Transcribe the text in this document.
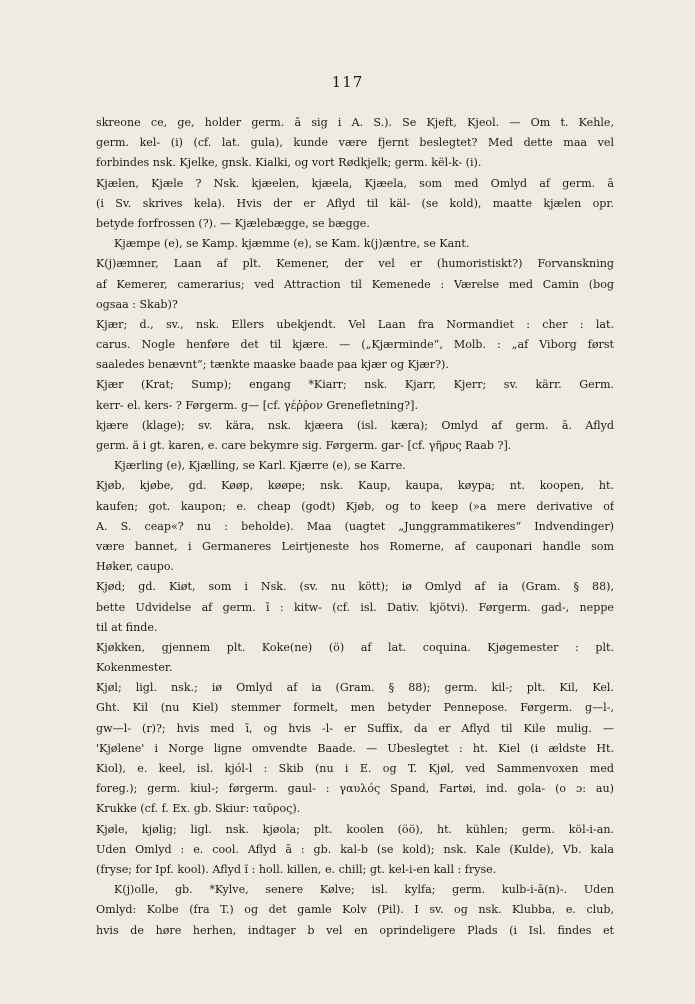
117
skreone ce, ge, holder germ. ā sig i A. S.). Se Kjeft, Kjeol. — Om t. Kehle,
germ. kel- (i) (cf. lat. gula), kunde være fjernt beslegtet? Med dette maa vel
forbindes nsk. Kjelke, gnsk. Kialki, og vort Rødkjelk; germ. kël-k- (i).
Kjælen, Kjæle ? Nsk. kjæelen, kjæela, Kjæela, som med Omlyd af germ. ā
(i Sv. skrives kela). Hvis der er Aflyd til käl- (se kold), maatte kjælen opr.
betyde forfrossen (?). — Kjælebægge, se bægge.
Kjæmpe (e), se Kamp. kjæmme (e), se Kam. k(j)æntre, se Kant.
K(j)æmner, Laan af plt. Kemener, der vel er (humoristiskt?) Forvanskning
af Kemerer, camerarius; ved Attraction til Kemenede : Værelse med Camin (bog
ogsaa : Skab)?
Kjær; d., sv., nsk. Ellers ubekjendt. Vel Laan fra Normandiet : cher : lat.
carus. Nogle henføre det til kjære. — („Kjærminde“, Molb. : „af Viborg først
saaledes benævnt“; tænkte maaske baade paa kjær og Kjær?).
Kjær (Krat; Sump); engang *Kiarr; nsk. Kjarr, Kjerr; sv. kärr. Germ.
kerr- el. kers- ? Førgerm. g— [cf. γέῤῥον Grenefletning?].
kjære (klage); sv. kära, nsk. kjæera (isl. kæra); Omlyd af germ. ā. Aflyd
germ. ă i gt. karen, e. care bekymre sig. Førgerm. gar- [cf. γῆρυς Raab ?].
Kjærling (e), Kjælling, se Karl. Kjærre (e), se Karre.
Kjøb, kjøbe, gd. Køøp, køøpe; nsk. Kaup, kaupa, køypa; nt. koopen, ht.
kaufen; got. kaupon; e. cheap (godt) Kjøb, og to keep (»a mere derivative of
A. S. ceap«? nu : beholde). Maa (uagtet „Junggrammatikeres“ Indvendinger)
være bannet, i Germaneres Leirtjeneste hos Romerne, af cauponari handle som
Høker, caupo.
Kjød; gd. Kiøt, som i Nsk. (sv. nu kött); iø Omlyd af ia (Gram. § 88),
bette Udvidelse af germ. ī : kitw- (cf. isl. Dativ. kjötvi). Førgerm. gad-, neppe
til at finde.
Kjøkken, gjennem plt. Koke(ne) (ö) af lat. coquina. Kjøgemester : plt.
Kokenmester.
Kjøl; ligl. nsk.; iø Omlyd af ia (Gram. § 88); germ. kil-; plt. Kil, Kel.
Ght. Kil (nu Kiel) stemmer formelt, men betyder Pennepose. Førgerm. g—l-,
gw—l- (r)?; hvis med ī, og hvis -l- er Suffix, da er Aflyd til Kile mulig. —
'Kjølene' i Norge ligne omvendte Baade. — Ubeslegtet : ht. Kiel (i ældste Ht.
Kiol), e. keel, isl. kjól-l : Skib (nu i E. og T. Kjøl, ved Sammenvoxen med
foreg.); germ. kiul-; førgerm. gaul- : γαυλός Spand, Fartøi, ind. gola- (o ɔ: au)
Krukke (cf. f. Ex. gb. Skiur: ταῦρος).
Kjøle, kjølig; ligl. nsk. kjøola; plt. koolen (öö), ht. kühlen; germ. köl-i-an.
Uden Omlyd : e. cool. Aflyd ā : gb. kal-b (se kold); nsk. Kale (Kulde), Vb. kala
(fryse; for Ipf. kool). Aflyd ĭ : holl. killen, e. chill; gt. kel-i-en kall : fryse.
K(j)olle, gb. *Kylve, senere Kølve; isl. kylfa; germ. kulb-i-ā(n)-. Uden
Omlyd: Kolbe (fra T.) og det gamle Kolv (Pil). I sv. og nsk. Klubba, e. club,
hvis de høre herhen, indtager b vel en oprindeligere Plads (i Isl. findes et
